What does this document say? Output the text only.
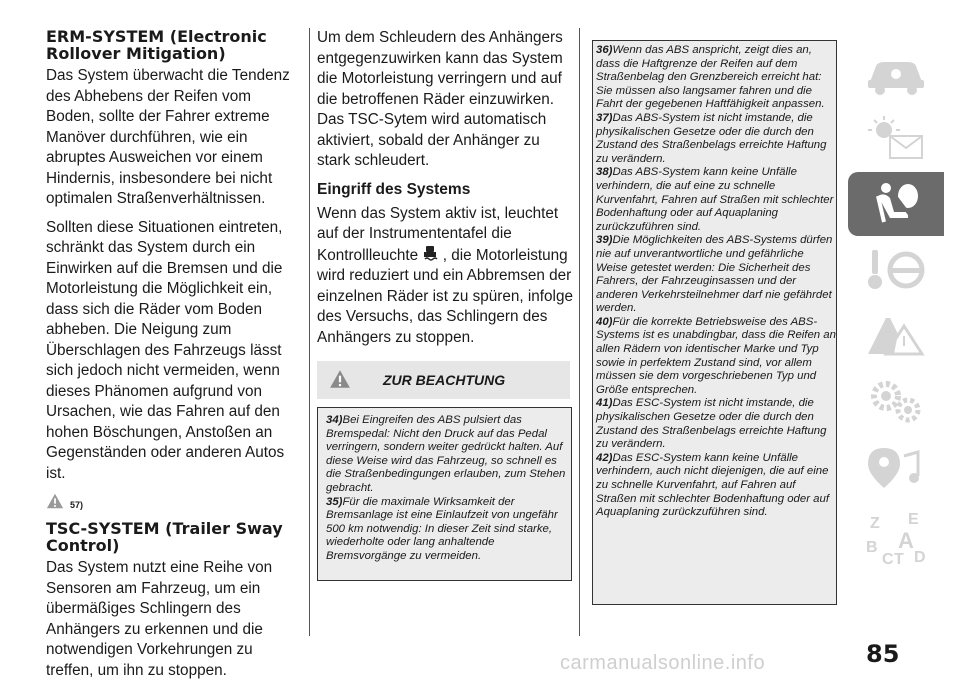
ERM-SYSTEM (Electronic Rollover Mitigation)
Das System überwacht die Tendenz des Abhebens der Reifen vom Boden, sollte der Fahrer extreme Manöver durchführen, wie ein abruptes Ausweichen vor einem Hindernis, insbesondere bei nicht optimalen Straßenverhältnissen.
Sollten diese Situationen eintreten, schränkt das System durch ein Einwirken auf die Bremsen und die Motorleistung die Möglichkeit ein, dass sich die Räder vom Boden abheben. Die Neigung zum Überschlagen des Fahrzeugs lässt sich jedoch nicht vermeiden, wenn dieses Phänomen aufgrund von Ursachen, wie das Fahren auf den hohen Böschungen, Anstoßen an Gegenständen oder anderen Autos ist.
57)
TSC-SYSTEM (Trailer Sway Control)
Das System nutzt eine Reihe von Sensoren am Fahrzeug, um ein übermäßiges Schlingern des Anhängers zu erkennen und die notwendigen Vorkehrungen zu treffen, um ihn zu stoppen.
Um dem Schleudern des Anhängers entgegenzuwirken kann das System die Motorleistung verringern und auf die betroffenen Räder einzuwirken. Das TSC-Sytem wird automatisch aktiviert, sobald der Anhänger zu stark schleudert.
Eingriff des Systems
Wenn das System aktiv ist, leuchtet auf der Instrumententafel die Kontrollleuchte , die Motorleistung wird reduziert und ein Abbremsen der einzelnen Räder ist zu spüren, infolge des Versuchs, das Schlingern des Anhängers zu stoppen.
ZUR BEACHTUNG
34)Bei Eingreifen des ABS pulsiert das Bremspedal: Nicht den Druck auf das Pedal verringern, sondern weiter gedrückt halten. Auf diese Weise wird das Fahrzeug, so schnell es die Straßenbedingungen erlauben, zum Stehen gebracht.
35)Für die maximale Wirksamkeit der Bremsanlage ist eine Einlaufzeit von ungefähr 500 km notwendig: In dieser Zeit sind starke, wiederholte oder lang anhaltende Bremsvorgänge zu vermeiden.
36)Wenn das ABS anspricht, zeigt dies an, dass die Haftgrenze der Reifen auf dem Straßenbelag den Grenzbereich erreicht hat: Sie müssen also langsamer fahren und die Fahrt der gegebenen Haftfähigkeit anpassen.
37)Das ABS-System ist nicht imstande, die physikalischen Gesetze oder die durch den Zustand des Straßenbelags erreichte Haftung zu verändern.
38)Das ABS-System kann keine Unfälle verhindern, die auf eine zu schnelle Kurvenfahrt, Fahren auf Straßen mit schlechter Bodenhaftung oder auf Aquaplaning zurückzuführen sind.
39)Die Möglichkeiten des ABS-Systems dürfen nie auf unverantwortliche und gefährliche Weise getestet werden: Die Sicherheit des Fahrers, der Fahrzeuginsassen und der anderen Verkehrsteilnehmer darf nie gefährdet werden.
40)Für die korrekte Betriebsweise des ABS-Systems ist es unabdingbar, dass die Reifen an allen Rädern von identischer Marke und Typ sowie in perfektem Zustand sind, vor allem müssen sie dem vorgeschriebenen Typ und Größe entsprechen.
41)Das ESC-System ist nicht imstande, die physikalischen Gesetze oder die durch den Zustand des Straßenbelags erreichte Haftung zu verändern.
42)Das ESC-System kann keine Unfälle verhindern, auch nicht diejenigen, die auf eine zu schnelle Kurvenfahrt, auf Fahren auf Straßen mit schlechter Bodenhaftung oder auf Aquaplaning zurückzuführen sind.
Z E
B A
C T D
85
carmanualsonline.info
